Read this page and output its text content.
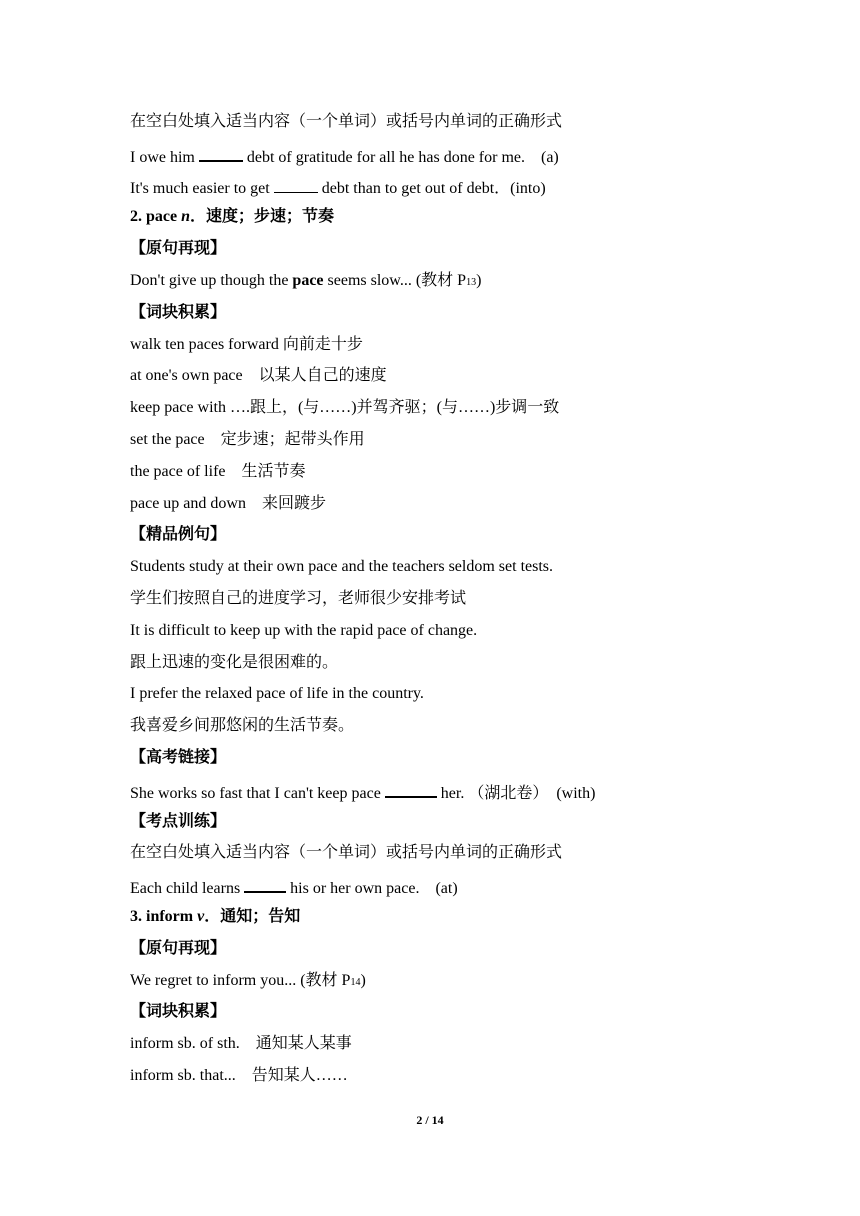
在空白处填入适当内容（一个单词）或括号内单词的正确形式
I owe him	debt of gratitude for all he has done for me.　(a)
It's much easier to get	debt than to get out of debt．(into)
2. pace n．速度；步速；节奏
【原句再现】
Don't give up though the pace seems slow... (教材 P13)
【词块积累】
walk ten paces forward 向前走十步
at one's own pace　以某人自己的速度
keep pace with ….跟上，(与……)并驾齐驱；(与……)步调一致
set the pace　定步速；起带头作用
the pace of life　生活节奏
pace up and down　来回踱步
【精品例句】
Students study at their own pace and the teachers seldom set tests.
学生们按照自己的进度学习，老师很少安排考试
It is difficult to keep up with the rapid pace of change.
跟上迅速的变化是很困难的。
I prefer the relaxed pace of life in the country.
我喜爱乡间那悠闲的生活节奏。
【高考链接】
She works so fast that I can't keep pace	her. （湖北卷）　(with)
【考点训练】
在空白处填入适当内容（一个单词）或括号内单词的正确形式
Each child learns	his or her own pace.　(at)
3. inform v．通知；告知
【原句再现】
We regret to inform you... (教材 P14)
【词块积累】
inform sb. of sth.　通知某人某事
inform sb. that...　告知某人……
2 / 14
